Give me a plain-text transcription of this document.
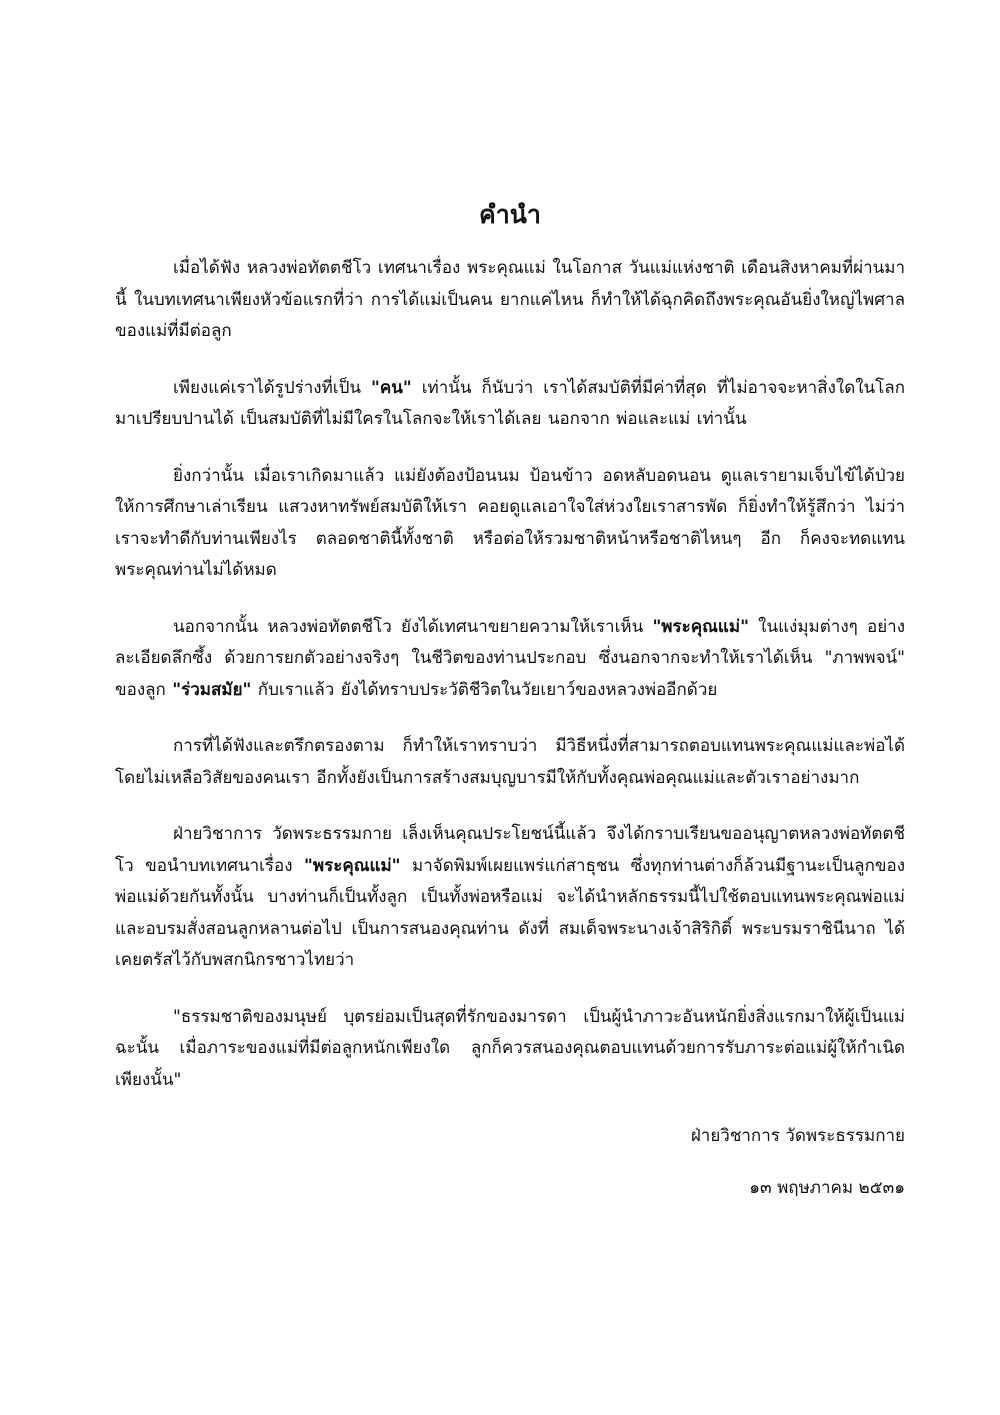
คำนำ

เมื่อได้ฟัง หลวงพ่อทัตตชีโว เทศนาเรื่อง พระคุณแม่ ในโอกาส วันแม่แห่งชาติ เดือนสิงหาคมที่ผ่านมานี้ ในบทเทศนาเพียงหัวข้อแรกที่ว่า การได้แม่เป็นคน ยากแค่ไหน ก็ทำให้ได้ฉุกคิดถึงพระคุณอันยิ่งใหญ่ไพศาลของแม่ที่มีต่อลูก

เพียงแค่เราได้รูปร่างที่เป็น "คน" เท่านั้น ก็นับว่า เราได้สมบัติที่มีค่าที่สุด ที่ไม่อาจจะหาสิ่งใดในโลกมาเปรียบปานได้ เป็นสมบัติที่ไม่มีใครในโลกจะให้เราได้เลย นอกจาก พ่อและแม่ เท่านั้น

ยิ่งกว่านั้น เมื่อเราเกิดมาแล้ว แม่ยังต้องป้อนนม ป้อนข้าว อดหลับอดนอน ดูแลเรายามเจ็บไข้ได้ป่วย ให้การศึกษาเล่าเรียน แสวงหาทรัพย์สมบัติให้เรา คอยดูแลเอาใจใส่ห่วงใยเราสารพัด ก็ยิ่งทำให้รู้สึกว่า ไม่ว่าเราจะทำดีกับท่านเพียงไร ตลอดชาตินี้ทั้งชาติ หรือต่อให้รวมชาติหน้าหรือชาติไหนๆ อีก ก็คงจะทดแทนพระคุณท่านไม่ได้หมด

นอกจากนั้น หลวงพ่อทัตตชีโว ยังได้เทศนาขยายความให้เราเห็น "พระคุณแม่" ในแง่มุมต่างๆ อย่างละเอียดลึกซึ้ง ด้วยการยกตัวอย่างจริงๆ ในชีวิตของท่านประกอบ ซึ่งนอกจากจะทำให้เราได้เห็น "ภาพพจน์" ของลูก "ร่วมสมัย" กับเราแล้ว ยังได้ทราบประวัติชีวิตในวัยเยาว์ของหลวงพ่ออีกด้วย

การที่ได้ฟังและตรึกตรองตาม ก็ทำให้เราทราบว่า มีวิธีหนึ่งที่สามารถตอบแทนพระคุณแม่และพ่อได้ โดยไม่เหลือวิสัยของคนเรา อีกทั้งยังเป็นการสร้างสมบุญบารมีให้กับทั้งคุณพ่อคุณแม่และตัวเราอย่างมาก

ฝ่ายวิชาการ วัดพระธรรมกาย เล็งเห็นคุณประโยชน์นี้แล้ว จึงได้กราบเรียนขออนุญาตหลวงพ่อทัตตชีโว ขอนำบทเทศนาเรื่อง "พระคุณแม่" มาจัดพิมพ์เผยแพร่แก่สาธุชน ซึ่งทุกท่านต่างก็ล้วนมีฐานะเป็นลูกของพ่อแม่ด้วยกันทั้งนั้น บางท่านก็เป็นทั้งลูก เป็นทั้งพ่อหรือแม่ จะได้นำหลักธรรมนี้ไปใช้ตอบแทนพระคุณพ่อแม่และอบรมสั่งสอนลูกหลานต่อไป เป็นการสนองคุณท่าน ดังที่ สมเด็จพระนางเจ้าสิริกิติ์ พระบรมราชินีนาถ ได้เคยตรัสไว้กับพสกนิกรชาวไทยว่า

"ธรรมชาติของมนุษย์ บุตรย่อมเป็นสุดที่รักของมารดา เป็นผู้นำภาวะอันหนักยิ่งสิ่งแรกมาให้ผู้เป็นแม่ ฉะนั้น เมื่อภาระของแม่ที่มีต่อลูกหนักเพียงใด ลูกก็ควรสนองคุณตอบแทนด้วยการรับภาระต่อแม่ผู้ให้กำเนิดเพียงนั้น"

ฝ่ายวิชาการ วัดพระธรรมกาย

๑๓ พฤษภาคม ๒๕๓๑
